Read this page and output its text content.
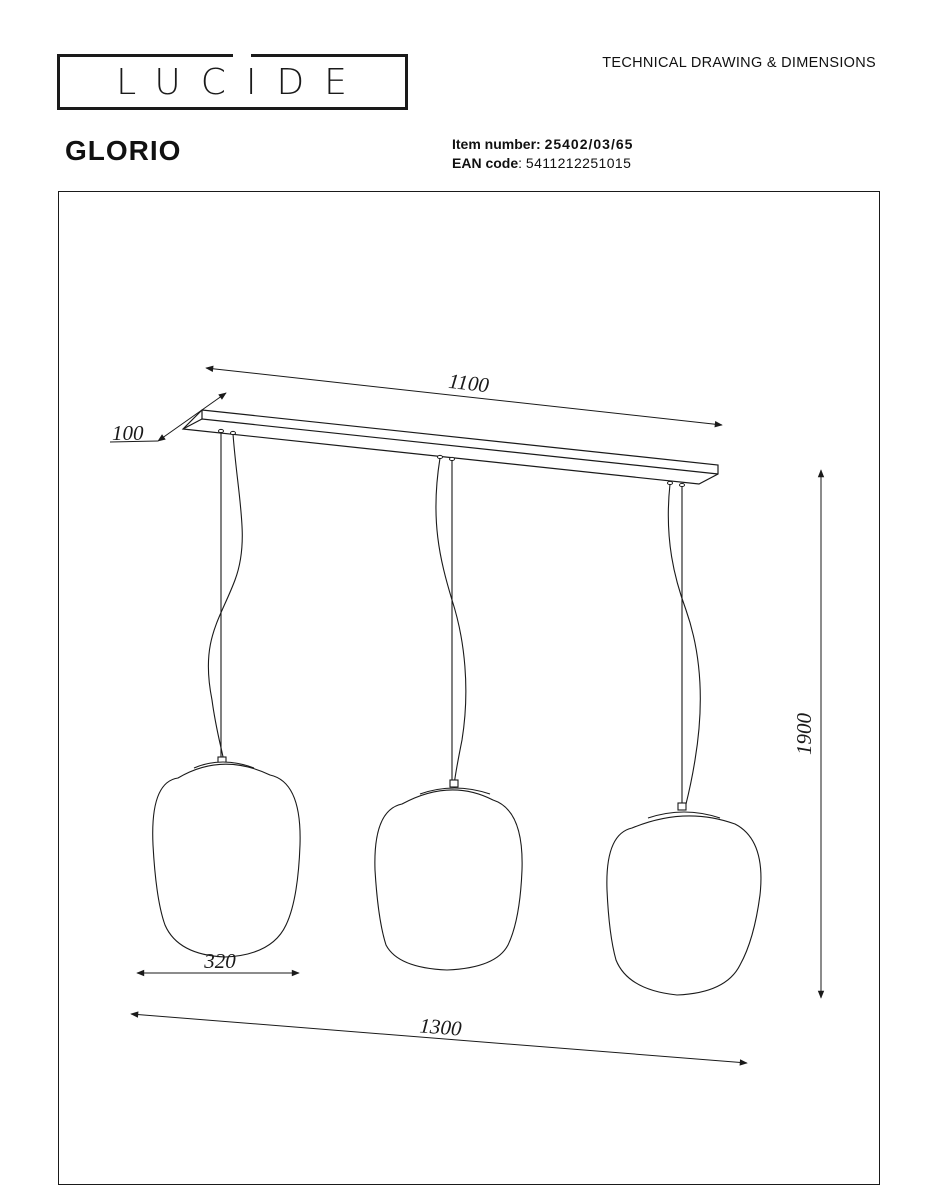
LUCIDE	TECHNICAL DRAWING & DIMENSIONS
GLORIO	Item number: 25402/03/65
EAN code: 5411212251015
1100
100
1900
320
1300
